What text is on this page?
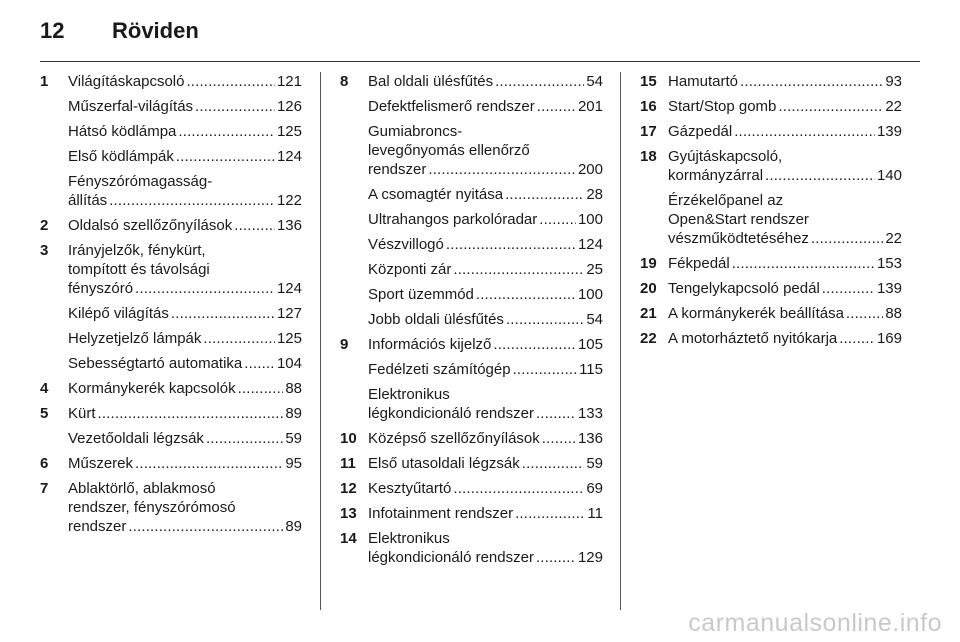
12	Röviden
1 Világításkapcsoló . . .	121
Műszerfal-világítás . . .	126
Hátsó ködlámpa . . .	125
Első ködlámpák . . .	124
Fényszórómagasság-
állítás . . .	122
2 Oldalsó szellőzőnyílások . . .	136
3 Irányjelzők, fénykürt,
tompított és távolsági
fényszóró . . .	124
Kilépő világítás . . .	127
Helyzetjelző lámpák . . .	125
Sebességtartó automatika . . . 104
4 Kormánykerék kapcsolók . . .	88
5 Kürt . . .	89
Vezetőoldali légzsák . . .	59
6 Műszerek . . .	95
7 Ablaktörlő, ablakmosó
rendszer, fényszórómosó
rendszer . . .	89
8 Bal oldali ülésfűtés . . .	54
Defektfelismerő rendszer . . .	201
Gumiabroncs-
levegőnyomás ellenőrző
rendszer . . .	200
A csomagtér nyitása . . .	28
Ultrahangos parkolóradar . . .	100
Vészvillogó . . .	124
Központi zár . . .	25
Sport üzemmód . . .	100
Jobb oldali ülésfűtés . . .	54
9 Információs kijelző . . .	105
Fedélzeti számítógép . . .	115
Elektronikus
légkondicionáló rendszer . . .	133
10 Középső szellőzőnyílások . . .	136
11 Első utasoldali légzsák . . .	59
12 Kesztyűtartó . . .	69
13 Infotainment rendszer . . .	11
14 Elektronikus
légkondicionáló rendszer . . .	129
15 Hamutartó . . .	93
16 Start/Stop gomb . . .	22
17 Gázpedál . . .	139
18 Gyújtáskapcsoló,
kormányzárral . . .	140
Érzékelőpanel az
Open&Start rendszer
vészműködtetéséhez . . .	22
19 Fékpedál . . .	153
20 Tengelykapcsoló pedál . . .	139
21 A kormánykerék beállítása . . .	88
22 A motorháztető nyitókarja . . .	169
carmanualsonline.info
